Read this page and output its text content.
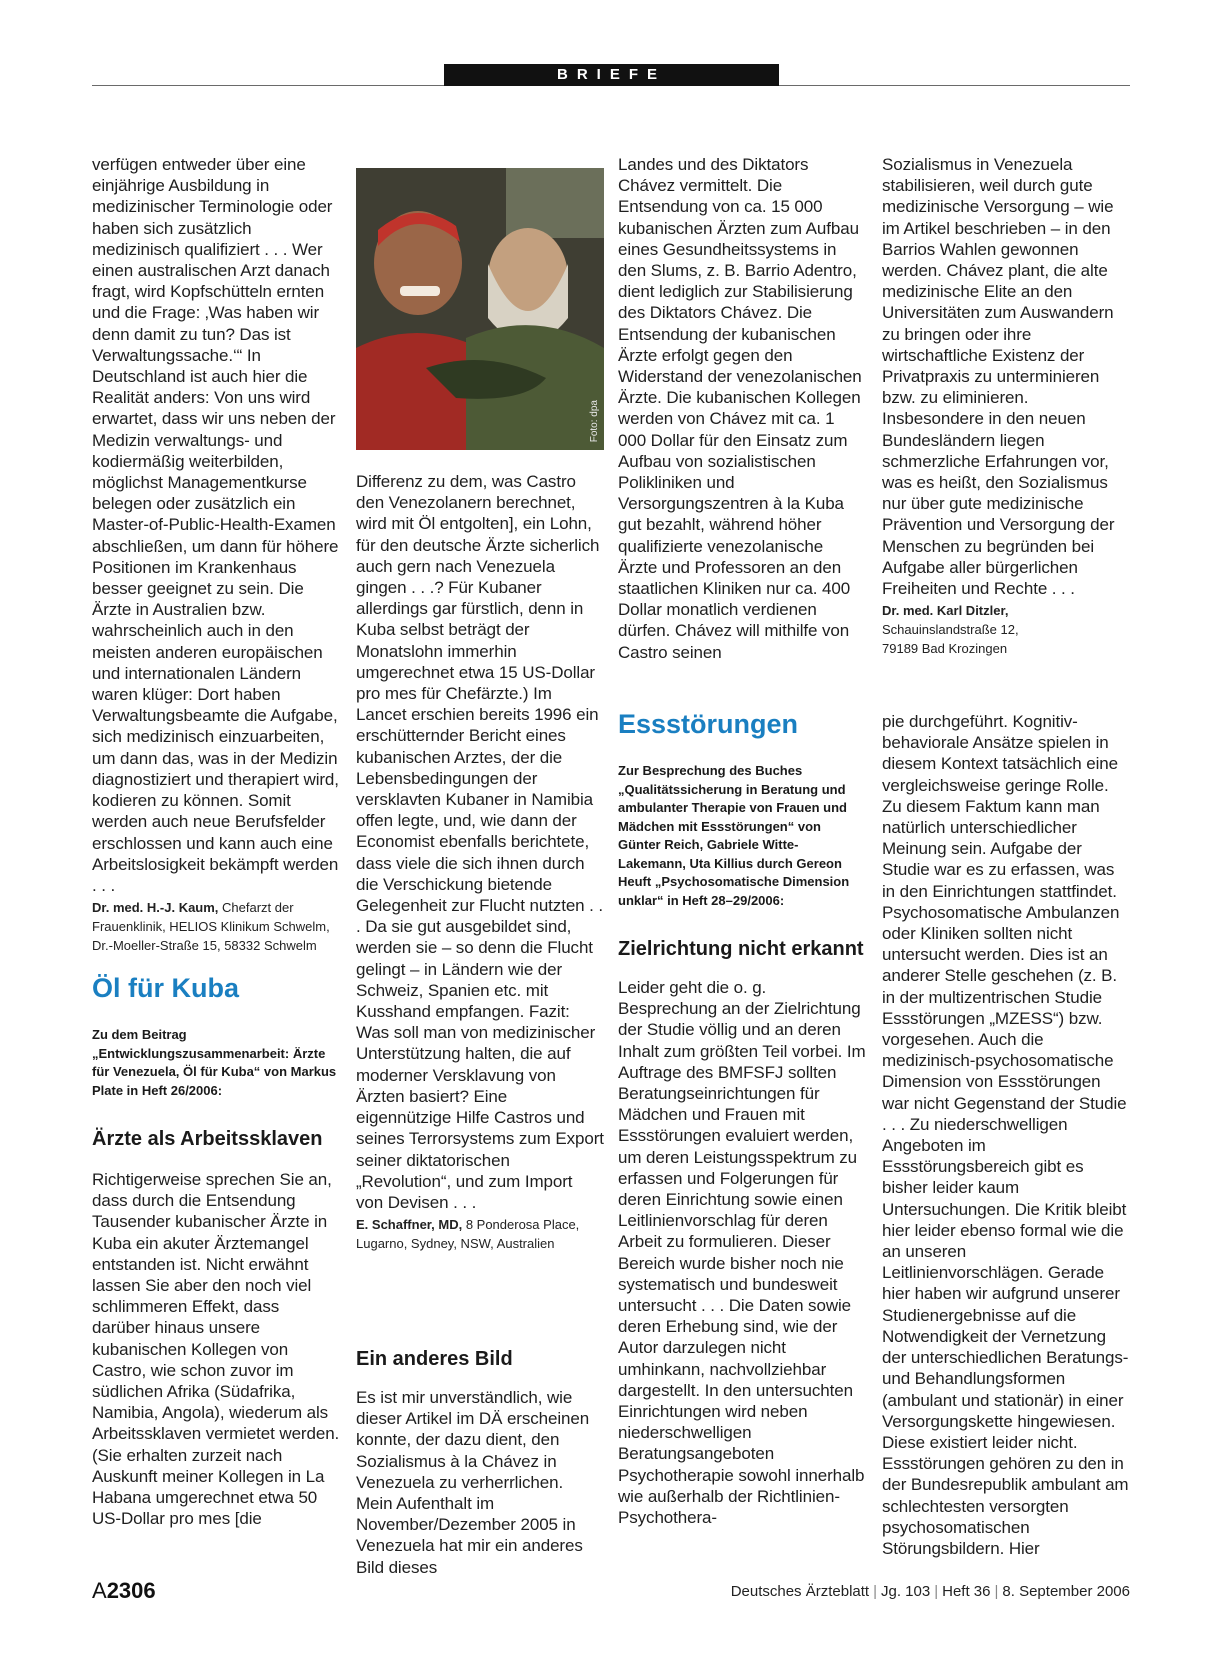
BRIEFE

verfügen entweder über eine einjährige Ausbildung in medizinischer Terminologie oder haben sich zusätzlich medizinisch qualifiziert . . . Wer einen australischen Arzt danach fragt, wird Kopfschütteln ernten und die Frage: ‚Was haben wir denn damit zu tun? Das ist Verwaltungssache.‘“ In Deutschland ist auch hier die Realität anders: Von uns wird erwartet, dass wir uns neben der Medizin verwaltungs- und kodiermäßig weiterbilden, möglichst Managementkurse belegen oder zusätzlich ein Master-of-Public-Health-Examen abschließen, um dann für höhere Positionen im Krankenhaus besser geeignet zu sein. Die Ärzte in Australien bzw. wahrscheinlich auch in den meisten anderen europäischen und internationalen Ländern waren klüger: Dort haben Verwaltungsbeamte die Aufgabe, sich medizinisch einzuarbeiten, um dann das, was in der Medizin diagnostiziert und therapiert wird, kodieren zu können. Somit werden auch neue Berufsfelder erschlossen und kann auch eine Arbeitslosigkeit bekämpft werden . . .

Dr. med. H.-J. Kaum, Chefarzt der Frauenklinik, HELIOS Klinikum Schwelm, Dr.-Moeller-Straße 15, 58332 Schwelm

Öl für Kuba

Zu dem Beitrag „Entwicklungszusammenarbeit: Ärzte für Venezuela, Öl für Kuba“ von Markus Plate in Heft 26/2006:

Ärzte als Arbeitssklaven

Richtigerweise sprechen Sie an, dass durch die Entsendung Tausender kubanischer Ärzte in Kuba ein akuter Ärztemangel entstanden ist. Nicht erwähnt lassen Sie aber den noch viel schlimmeren Effekt, dass darüber hinaus unsere kubanischen Kollegen von Castro, wie schon zuvor im südlichen Afrika (Südafrika, Namibia, Angola), wiederum als Arbeitssklaven vermietet werden. (Sie erhalten zurzeit nach Auskunft meiner Kollegen in La Habana umgerechnet etwa 50 US-Dollar pro mes [die

Foto: dpa

Differenz zu dem, was Castro den Venezolanern berechnet, wird mit Öl entgolten], ein Lohn, für den deutsche Ärzte sicherlich auch gern nach Venezuela gingen . . .? Für Kubaner allerdings gar fürstlich, denn in Kuba selbst beträgt der Monatslohn immerhin umgerechnet etwa 15 US-Dollar pro mes für Chefärzte.) Im Lancet erschien bereits 1996 ein erschütternder Bericht eines kubanischen Arztes, der die Lebensbedingungen der versklavten Kubaner in Namibia offen legte, und, wie dann der Economist ebenfalls berichtete, dass viele die sich ihnen durch die Verschickung bietende Gelegenheit zur Flucht nutzten . . . Da sie gut ausgebildet sind, werden sie – so denn die Flucht gelingt – in Ländern wie der Schweiz, Spanien etc. mit Kusshand empfangen. Fazit: Was soll man von medizinischer Unterstützung halten, die auf moderner Versklavung von Ärzten basiert? Eine eigennützige Hilfe Castros und seines Terrorsystems zum Export seiner diktatorischen „Revolution“, und zum Import von Devisen . . .

E. Schaffner, MD, 8 Ponderosa Place, Lugarno, Sydney, NSW, Australien

Ein anderes Bild

Es ist mir unverständlich, wie dieser Artikel im DÄ erscheinen konnte, der dazu dient, den Sozialismus à la Chávez in Venezuela zu verherrlichen. Mein Aufenthalt im November/Dezember 2005 in Venezuela hat mir ein anderes Bild dieses

Landes und des Diktators Chávez vermittelt. Die Entsendung von ca. 15 000 kubanischen Ärzten zum Aufbau eines Gesundheitssystems in den Slums, z. B. Barrio Adentro, dient lediglich zur Stabilisierung des Diktators Chávez. Die Entsendung der kubanischen Ärzte erfolgt gegen den Widerstand der venezolanischen Ärzte. Die kubanischen Kollegen werden von Chávez mit ca. 1 000 Dollar für den Einsatz zum Aufbau von sozialistischen Polikliniken und Versorgungszentren à la Kuba gut bezahlt, während höher qualifizierte venezolanische Ärzte und Professoren an den staatlichen Kliniken nur ca. 400 Dollar monatlich verdienen dürfen. Chávez will mithilfe von Castro seinen

Essstörungen

Zur Besprechung des Buches „Qualitätssicherung in Beratung und ambulanter Therapie von Frauen und Mädchen mit Essstörungen“ von Günter Reich, Gabriele Witte-Lakemann, Uta Killius durch Gereon Heuft „Psychosomatische Dimension unklar“ in Heft 28–29/2006:

Zielrichtung nicht erkannt

Leider geht die o. g. Besprechung an der Zielrichtung der Studie völlig und an deren Inhalt zum größten Teil vorbei. Im Auftrage des BMFSFJ sollten Beratungseinrichtungen für Mädchen und Frauen mit Essstörungen evaluiert werden, um deren Leistungsspektrum zu erfassen und Folgerungen für deren Einrichtung sowie einen Leitlinienvorschlag für deren Arbeit zu formulieren. Dieser Bereich wurde bisher noch nie systematisch und bundesweit untersucht . . . Die Daten sowie deren Erhebung sind, wie der Autor darzulegen nicht umhinkann, nachvollziehbar dargestellt. In den untersuchten Einrichtungen wird neben niederschwelligen Beratungsangeboten Psychotherapie sowohl innerhalb wie außerhalb der Richtlinien-Psychothera-

Sozialismus in Venezuela stabilisieren, weil durch gute medizinische Versorgung – wie im Artikel beschrieben – in den Barrios Wahlen gewonnen werden. Chávez plant, die alte medizinische Elite an den Universitäten zum Auswandern zu bringen oder ihre wirtschaftliche Existenz der Privatpraxis zu unterminieren bzw. zu eliminieren. Insbesondere in den neuen Bundesländern liegen schmerzliche Erfahrungen vor, was es heißt, den Sozialismus nur über gute medizinische Prävention und Versorgung der Menschen zu begründen bei Aufgabe aller bürgerlichen Freiheiten und Rechte . . .

Dr. med. Karl Ditzler,
Schauinslandstraße 12,
79189 Bad Krozingen

pie durchgeführt. Kognitiv-behaviorale Ansätze spielen in diesem Kontext tatsächlich eine vergleichsweise geringe Rolle. Zu diesem Faktum kann man natürlich unterschiedlicher Meinung sein. Aufgabe der Studie war es zu erfassen, was in den Einrichtungen stattfindet. Psychosomatische Ambulanzen oder Kliniken sollten nicht untersucht werden. Dies ist an anderer Stelle geschehen (z. B. in der multizentrischen Studie Essstörungen „MZESS“) bzw. vorgesehen. Auch die medizinisch-psychosomatische Dimension von Essstörungen war nicht Gegenstand der Studie . . . Zu niederschwelligen Angeboten im Essstörungsbereich gibt es bisher leider kaum Untersuchungen. Die Kritik bleibt hier leider ebenso formal wie die an unseren Leitlinienvorschlägen. Gerade hier haben wir aufgrund unserer Studienergebnisse auf die Notwendigkeit der Vernetzung der unterschiedlichen Beratungs- und Behandlungsformen (ambulant und stationär) in einer Versorgungskette hingewiesen. Diese existiert leider nicht. Essstörungen gehören zu den in der Bundesrepublik ambulant am schlechtesten versorgten psychosomatischen Störungsbildern. Hier

A2306	Deutsches Ärzteblatt | Jg. 103 | Heft 36 | 8. September 2006
